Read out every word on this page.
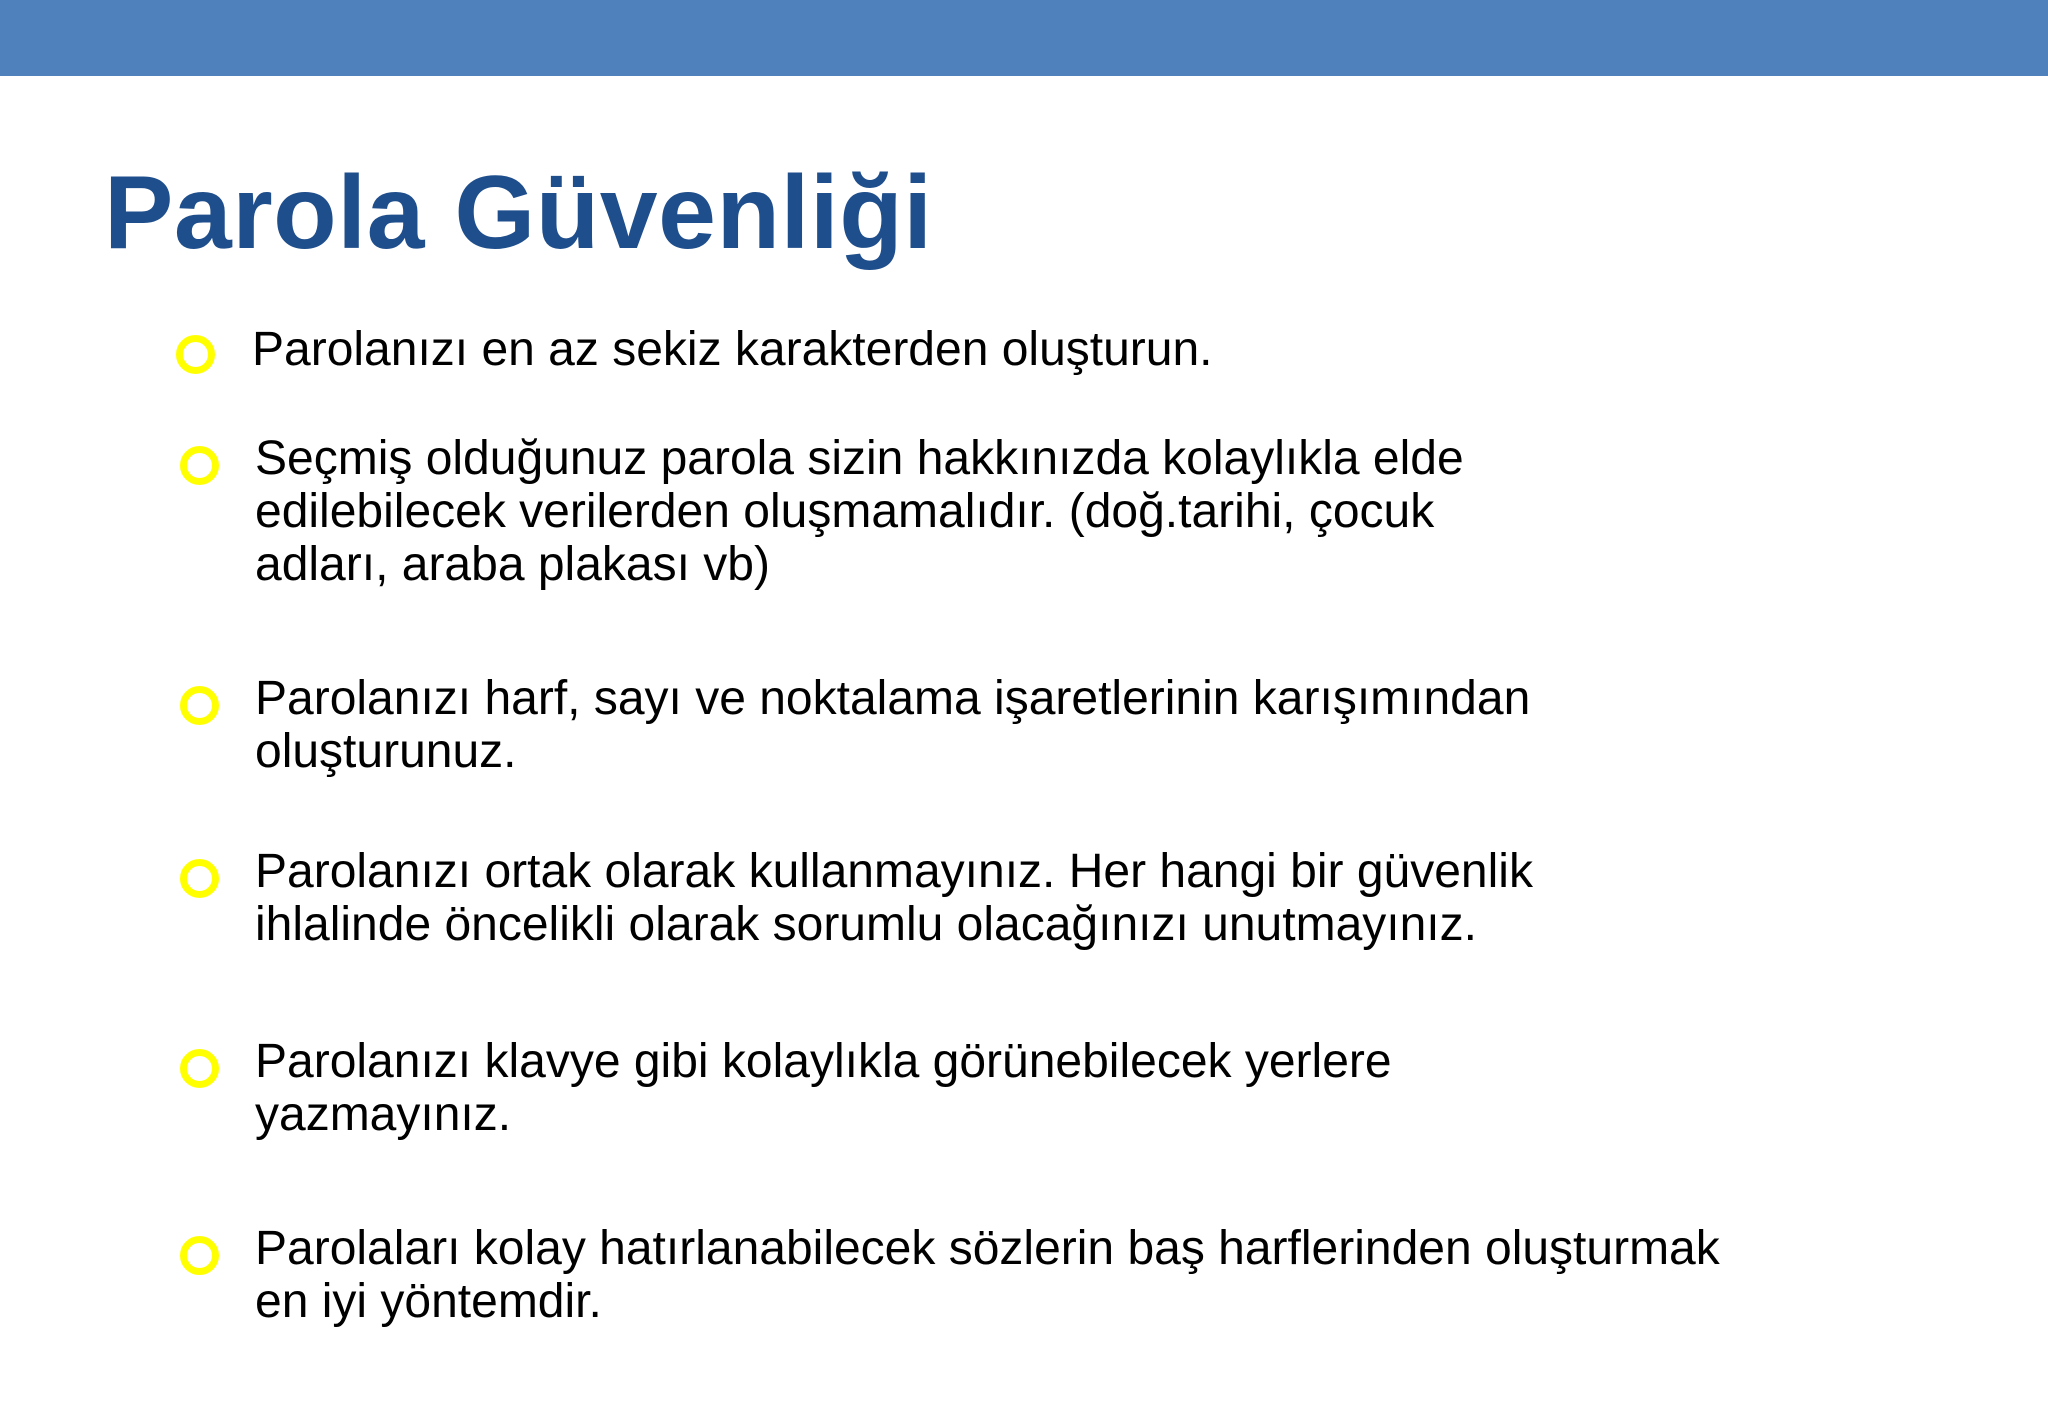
Parola Güvenliği

Parolanızı en az sekiz karakterden oluşturun.

Seçmiş olduğunuz parola sizin hakkınızda kolaylıkla elde
edilebilecek verilerden oluşmamalıdır. (doğ.tarihi, çocuk
adları, araba plakası vb)

Parolanızı harf, sayı ve noktalama işaretlerinin karışımından
oluşturunuz.

Parolanızı ortak olarak kullanmayınız. Her hangi bir güvenlik
ihlalinde öncelikli olarak sorumlu olacağınızı unutmayınız.

Parolanızı klavye gibi kolaylıkla görünebilecek yerlere
yazmayınız.

Parolaları kolay hatırlanabilecek sözlerin baş harflerinden oluşturmak
en iyi yöntemdir.
